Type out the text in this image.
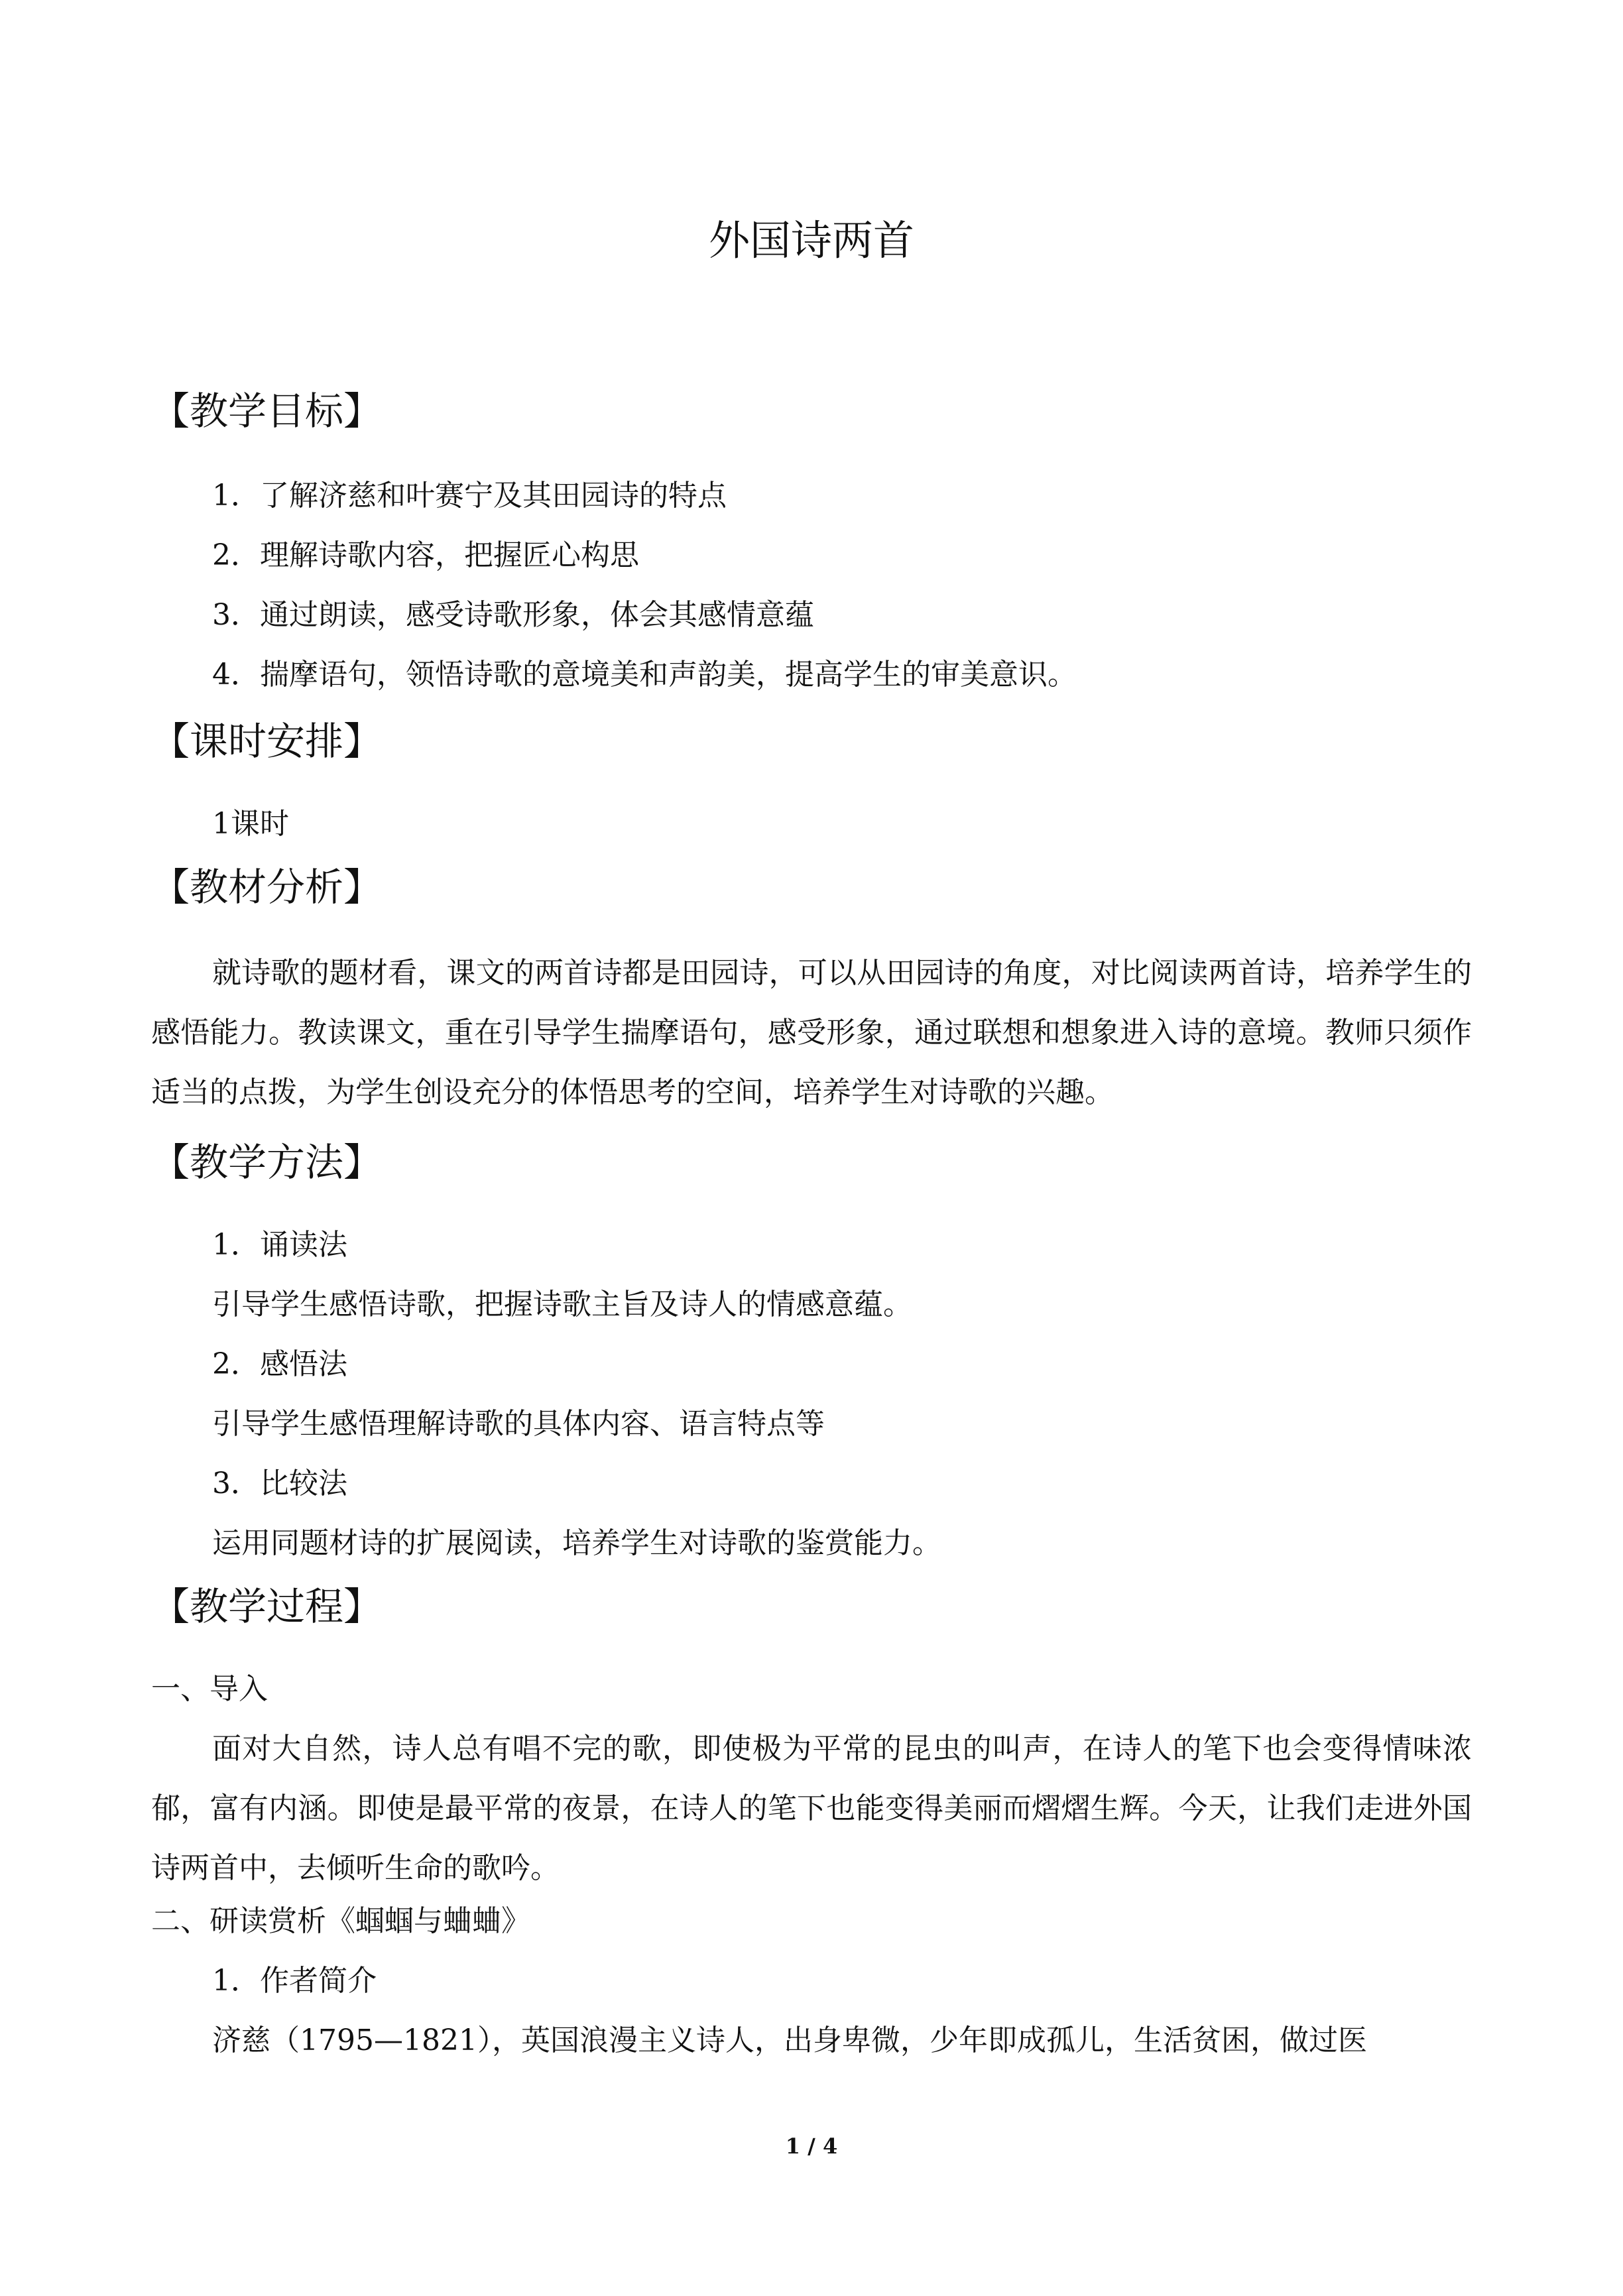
外国诗两首
【教学目标】
1．了解济慈和叶赛宁及其田园诗的特点
2．理解诗歌内容，把握匠心构思
3．通过朗读，感受诗歌形象，体会其感情意蕴
4．揣摩语句，领悟诗歌的意境美和声韵美，提高学生的审美意识。
【课时安排】
1课时
【教材分析】
就诗歌的题材看，课文的两首诗都是田园诗，可以从田园诗的角度，对比阅读两首诗，培养学生的感悟能力。教读课文，重在引导学生揣摩语句，感受形象，通过联想和想象进入诗的意境。教师只须作适当的点拨，为学生创设充分的体悟思考的空间，培养学生对诗歌的兴趣。
【教学方法】
1．诵读法
引导学生感悟诗歌，把握诗歌主旨及诗人的情感意蕴。
2．感悟法
引导学生感悟理解诗歌的具体内容、语言特点等
3．比较法
运用同题材诗的扩展阅读，培养学生对诗歌的鉴赏能力。
【教学过程】
一、导入
面对大自然，诗人总有唱不完的歌，即使极为平常的昆虫的叫声，在诗人的笔下也会变得情味浓郁，富有内涵。即使是最平常的夜景，在诗人的笔下也能变得美丽而熠熠生辉。今天，让我们走进外国诗两首中，去倾听生命的歌吟。
二、研读赏析《蝈蝈与蛐蛐》
1．作者简介
济慈（1795—1821），英国浪漫主义诗人，出身卑微，少年即成孤儿，生活贫困，做过医
1 / 4
